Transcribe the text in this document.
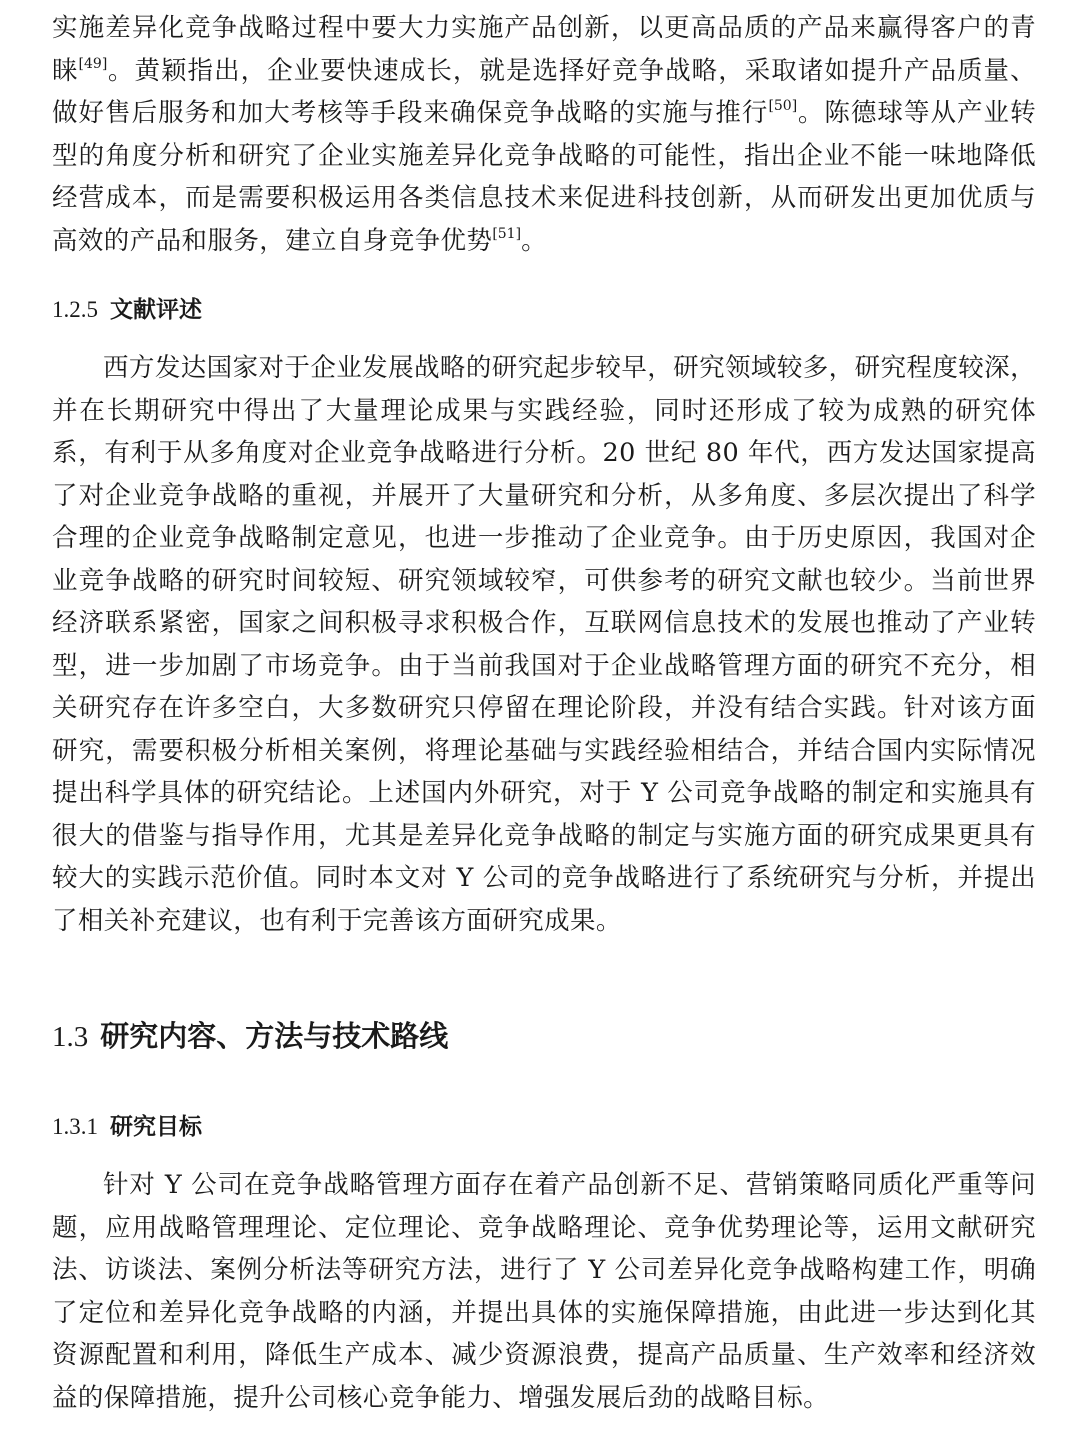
实施差异化竞争战略过程中要大力实施产品创新，以更高品质的产品来赢得客户的青睐[49]。黄颖指出，企业要快速成长，就是选择好竞争战略，采取诸如提升产品质量、做好售后服务和加大考核等手段来确保竞争战略的实施与推行[50]。陈德球等从产业转型的角度分析和研究了企业实施差异化竞争战略的可能性，指出企业不能一味地降低经营成本，而是需要积极运用各类信息技术来促进科技创新，从而研发出更加优质与高效的产品和服务，建立自身竞争优势[51]。

1.2.5 文献评述

西方发达国家对于企业发展战略的研究起步较早，研究领域较多，研究程度较深，并在长期研究中得出了大量理论成果与实践经验，同时还形成了较为成熟的研究体系，有利于从多角度对企业竞争战略进行分析。20 世纪 80 年代，西方发达国家提高了对企业竞争战略的重视，并展开了大量研究和分析，从多角度、多层次提出了科学合理的企业竞争战略制定意见，也进一步推动了企业竞争。由于历史原因，我国对企业竞争战略的研究时间较短、研究领域较窄，可供参考的研究文献也较少。当前世界经济联系紧密，国家之间积极寻求积极合作，互联网信息技术的发展也推动了产业转型，进一步加剧了市场竞争。由于当前我国对于企业战略管理方面的研究不充分，相关研究存在许多空白，大多数研究只停留在理论阶段，并没有结合实践。针对该方面研究，需要积极分析相关案例，将理论基础与实践经验相结合，并结合国内实际情况提出科学具体的研究结论。上述国内外研究，对于 Y 公司竞争战略的制定和实施具有很大的借鉴与指导作用，尤其是差异化竞争战略的制定与实施方面的研究成果更具有较大的实践示范价值。同时本文对 Y 公司的竞争战略进行了系统研究与分析，并提出了相关补充建议，也有利于完善该方面研究成果。

1.3 研究内容、方法与技术路线
1.3.1 研究目标

针对 Y 公司在竞争战略管理方面存在着产品创新不足、营销策略同质化严重等问题，应用战略管理理论、定位理论、竞争战略理论、竞争优势理论等，运用文献研究法、访谈法、案例分析法等研究方法，进行了 Y 公司差异化竞争战略构建工作，明确了定位和差异化竞争战略的内涵，并提出具体的实施保障措施，由此进一步达到化其资源配置和利用，降低生产成本、减少资源浪费，提高产品质量、生产效率和经济效益的保障措施，提升公司核心竞争能力、增强发展后劲的战略目标。
